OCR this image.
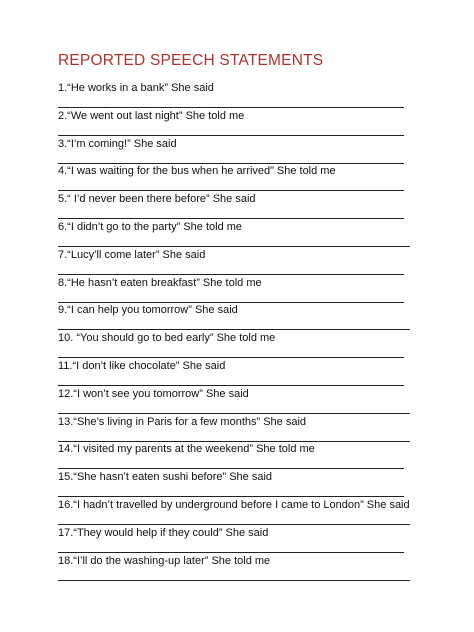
REPORTED SPEECH STATEMENTS
1.“He works in a bank” She said
2.“We went out last night” She told me
3.“I’m coming!” She said
4.“I was waiting for the bus when he arrived” She told me
5.“ I’d never been there before” She said
6.“I didn’t go to the party” She told me
7.“Lucy’ll come later” She said
8.“He hasn’t eaten breakfast” She told me
9.“I can help you tomorrow” She said
10. “You should go to bed early” She told me
11.“I don’t like chocolate” She said
12.“I won’t see you tomorrow” She said
13.“She’s living in Paris for a few months” She said
14.“I visited my parents at the weekend” She told me
15.“She hasn’t eaten sushi before” She said
16.“I hadn’t travelled by underground before I came to London” She said
17.“They would help if they could” She said
18.“I’ll do the washing-up later” She told me
